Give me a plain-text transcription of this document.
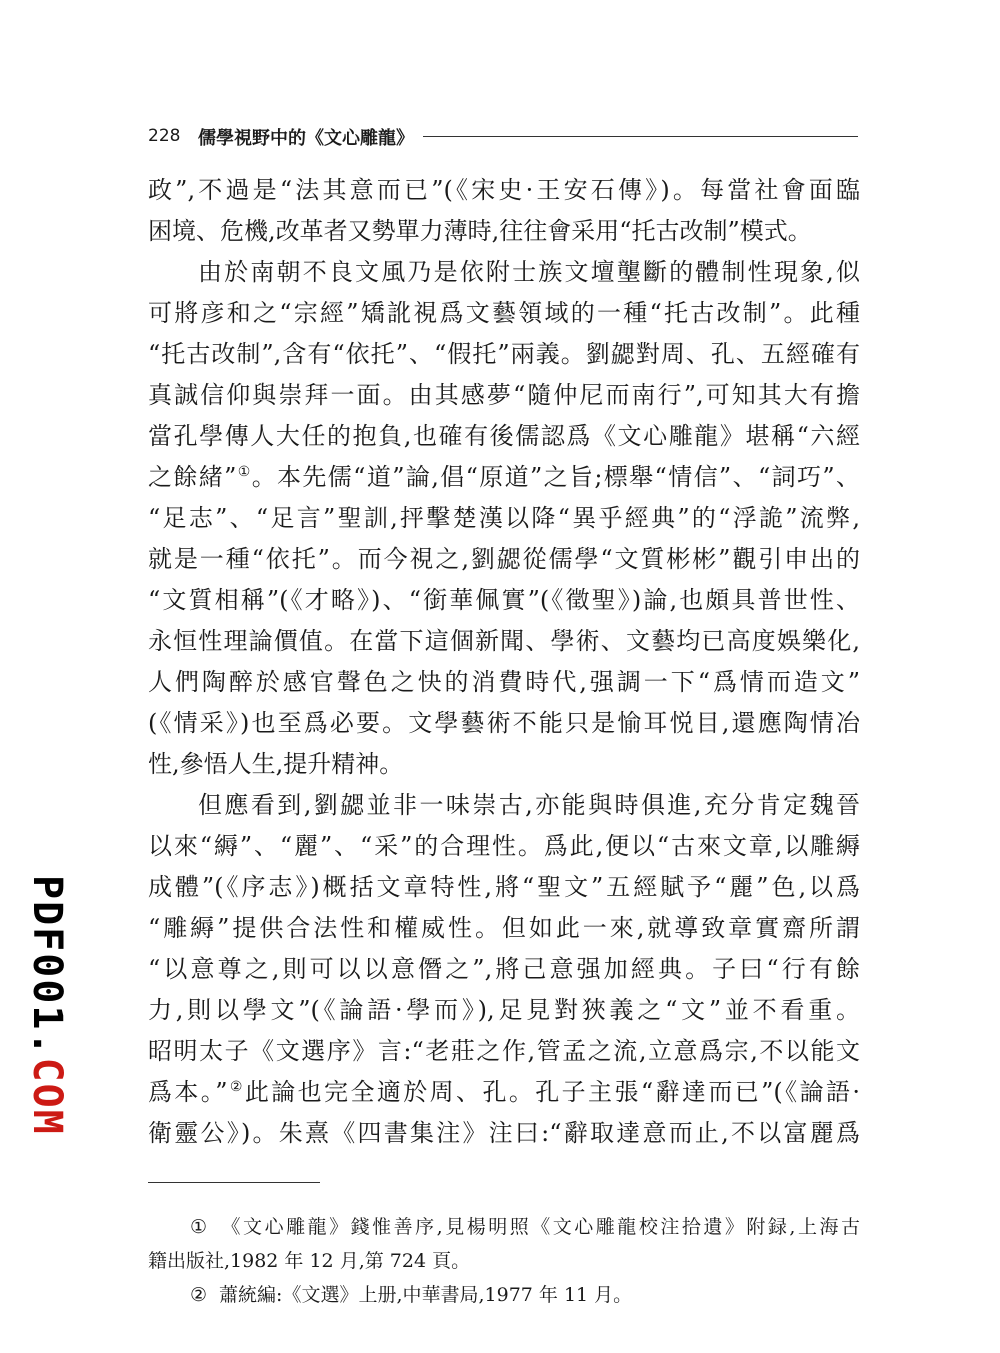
228 儒學視野中的《文心雕龍》
政”,不過是“法其意而已”(《宋史·王安石傳》)。每當社會面臨
困境、危機,改革者又勢單力薄時,往往會采用“托古改制”模式。
由於南朝不良文風乃是依附士族文壇壟斷的體制性現象,似
可將彦和之“宗經”矯訛視爲文藝領域的一種“托古改制”。此種
“托古改制”,含有“依托”、“假托”兩義。劉勰對周、孔、五經確有
真誠信仰與崇拜一面。由其感夢“隨仲尼而南行”,可知其大有擔
當孔學傳人大任的抱負,也確有後儒認爲《文心雕龍》堪稱“六經
之餘緒”①。本先儒“道”論,倡“原道”之旨;標舉“情信”、“詞巧”、
“足志”、“足言”聖訓,抨擊楚漢以降“異乎經典”的“浮詭”流弊,
就是一種“依托”。而今視之,劉勰從儒學“文質彬彬”觀引申出的
“文質相稱”(《才略》)、“銜華佩實”(《徵聖》)論,也頗具普世性、
永恒性理論價值。在當下這個新聞、學術、文藝均已高度娛樂化,
人們陶醉於感官聲色之快的消費時代,强調一下“爲情而造文”
(《情采》)也至爲必要。文學藝術不能只是愉耳悦目,還應陶情冶
性,參悟人生,提升精神。
但應看到,劉勰並非一味崇古,亦能與時俱進,充分肯定魏晉
以來“縟”、“麗”、“采”的合理性。爲此,便以“古來文章,以雕縟
成體”(《序志》)概括文章特性,將“聖文”五經賦予“麗”色,以爲
“雕縟”提供合法性和權威性。但如此一來,就導致章實齋所謂
“以意尊之,則可以以意僭之”,將己意强加經典。子曰“行有餘
力,則以學文”(《論語·學而》),足見對狹義之“文”並不看重。
昭明太子《文選序》言:“老莊之作,管孟之流,立意爲宗,不以能文
爲本。”②此論也完全適於周、孔。孔子主張“辭達而已”(《論語·
衛靈公》)。朱熹《四書集注》注曰:“辭取達意而止,不以富麗爲
① 《文心雕龍》錢惟善序,見楊明照《文心雕龍校注拾遺》附録,上海古
籍出版社,1982 年 12 月,第 724 頁。
② 蕭統編:《文選》上册,中華書局,1977 年 11 月。
PDF001.COM
